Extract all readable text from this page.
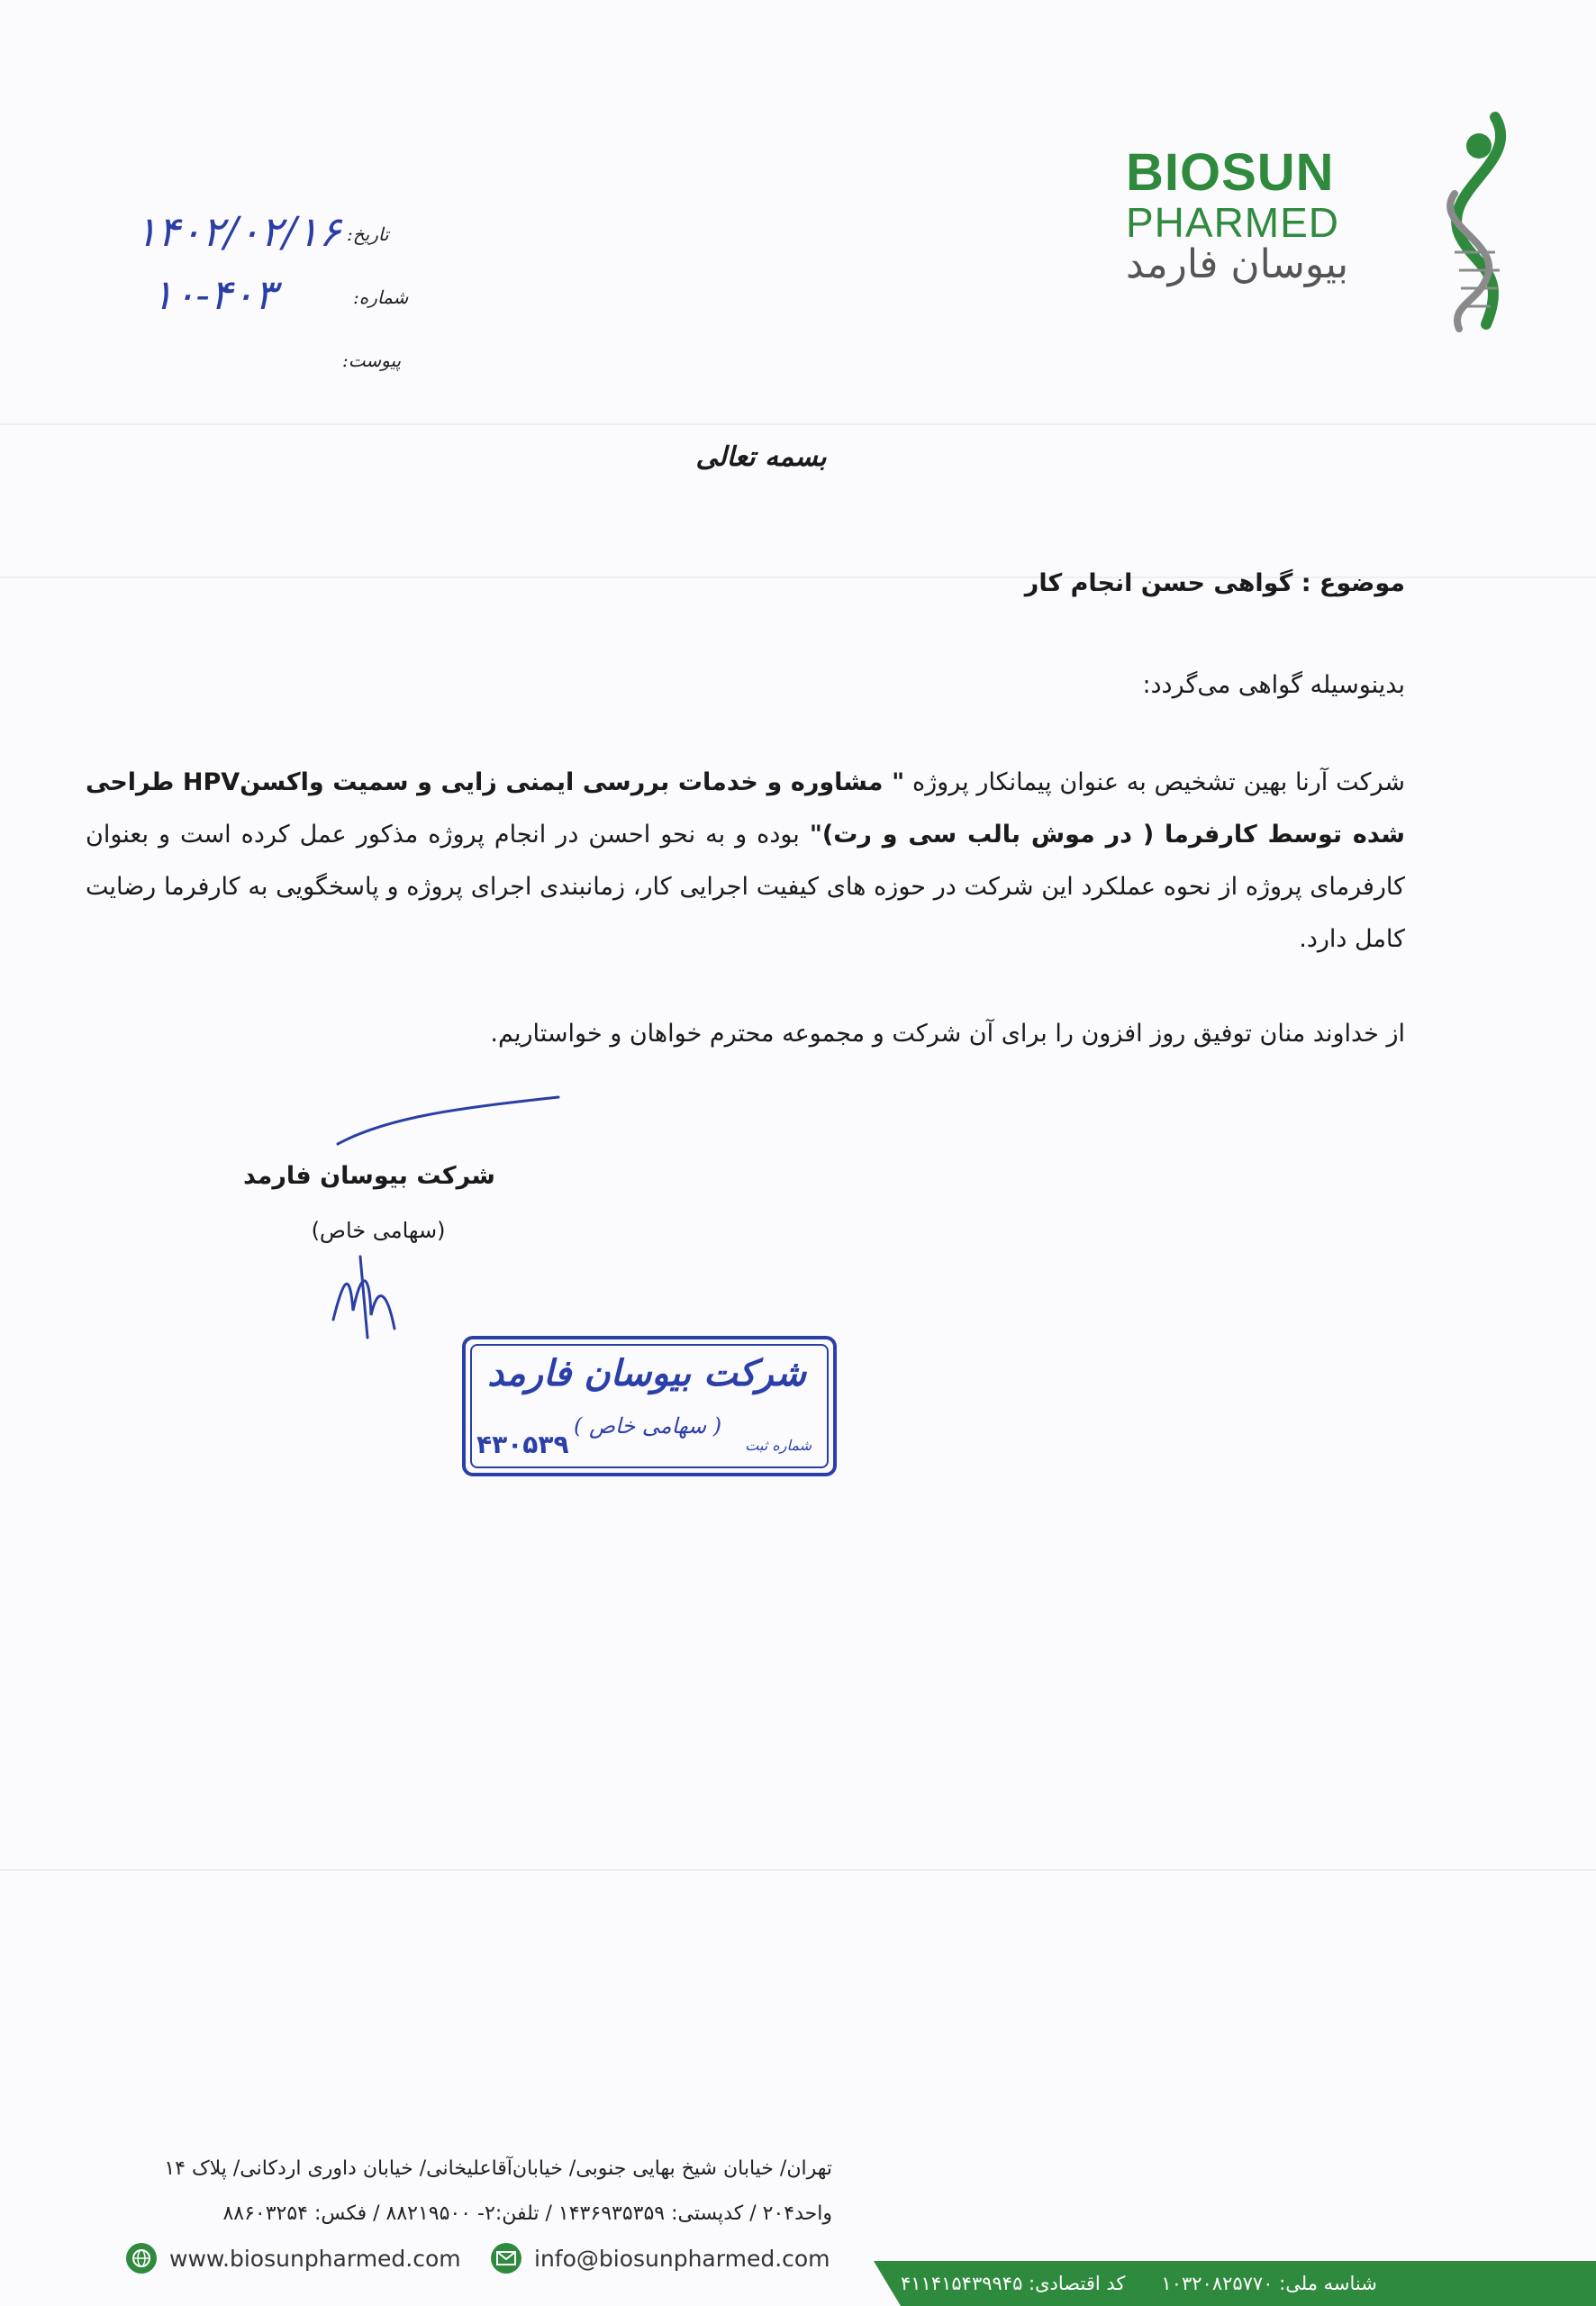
BIOSUN
PHARMED
بیوسان فارمد
تاریخ:
۱۴۰۲/۰۲/۱۶
شماره:
۱۰-۴۰۳
پیوست:
بسمه تعالی
موضوع : گواهی حسن انجام کار
بدینوسیله گواهی می‌گردد:
شرکت آرنا بهین تشخیص به عنوان پیمانکار پروژه " مشاوره و خدمات بررسی ایمنی زایی و سمیت واکسنHPV طراحی شده توسط کارفرما ( در موش بالب سی و رت)" بوده و به نحو احسن در انجام پروژه مذکور عمل کرده است و بعنوان کارفرمای پروژه از نحوه عملکرد این شرکت در حوزه های کیفیت اجرایی کار، زمانبندی اجرای پروژه و پاسخگویی به کارفرما رضایت کامل دارد.
از خداوند منان توفیق روز افزون را برای آن شرکت و مجموعه محترم خواهان و خواستاریم.
شرکت بیوسان فارمد
(سهامی خاص)
شرکت بیوسان فارمد
( سهامی خاص )
شماره ثبت
۴۳۰۵۳۹
تهران/ خیابان شیخ بهایی جنوبی/ خیابان‌آقاعلیخانی/ خیابان داوری اردکانی/ پلاک ۱۴
واحد۲۰۴ / کدپستی: ۱۴۳۶۹۳۵۳۵۹ / تلفن:۲- ۸۸۲۱۹۵۰۰ / فکس: ۸۸۶۰۳۲۵۴
www.biosunpharmed.com	info@biosunpharmed.com
شناسه ملی: ۱۰۳۲۰۸۲۵۷۷۰
کد اقتصادی: ۴۱۱۴۱۵۴۳۹۹۴۵
